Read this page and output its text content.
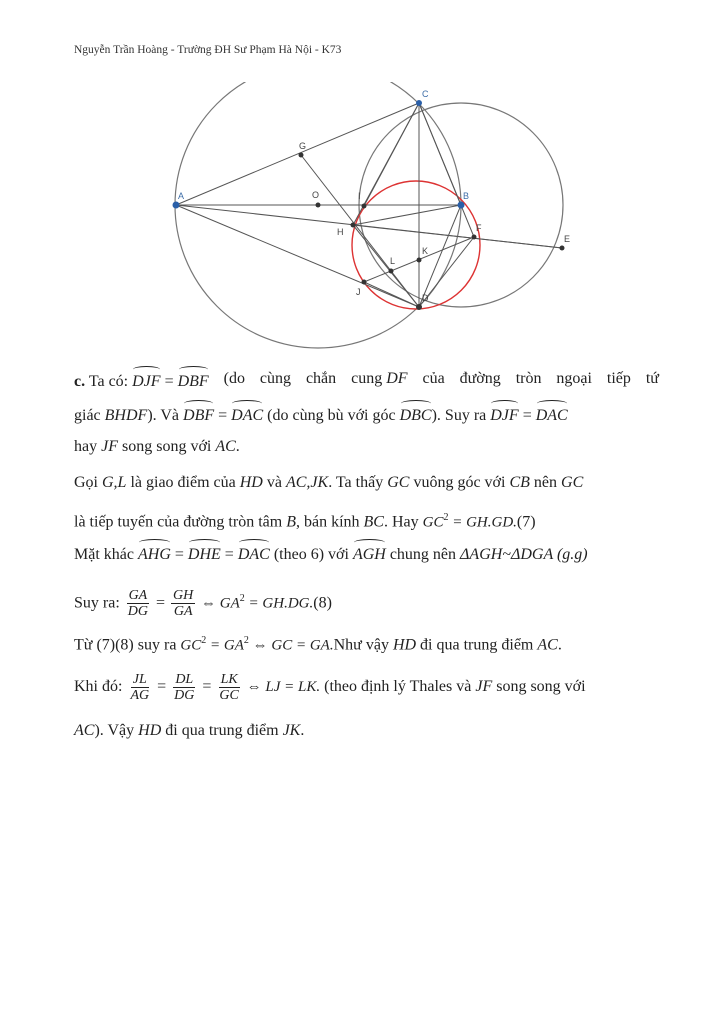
Nguyễn Trần Hoàng - Trường ĐH Sư Phạm Hà Nội - K73
A	B
C
D
E
F
G
H
I
J
K
L
O
c. Ta có: DJF = DBF (do cùng chắn cung DF của đường tròn ngoại tiếp tứ
giác BHDF). Và DBF = DAC (do cùng bù với góc DBC). Suy ra DJF = DAC
hay JF song song với AC.
Gọi G,L là giao điểm của HD và AC,JK. Ta thấy GC vuông góc với CB nên GC
là tiếp tuyến của đường tròn tâm B, bán kính BC. Hay $GC^2 = GH.GD.(7)$
Mặt khác AHG = DHE = DAC (theo 6) với AGH chung nên ΔAGH~ΔDGA (g.g)
Suy ra: $\frac{GA}{DG} = \frac{GH}{GA}$ ⇔ $GA^2 = GH.DG.(8)$
Từ (7)(8) suy ra $GC^2 = GA^2$ ⇔ GC = GA.Như vậy HD đi qua trung điểm AC.
Khi đó: $\frac{JL}{AG} = \frac{DL}{DG} = \frac{LK}{GC}$ ⇔ LJ = LK. (theo định lý Thales và JF song song với
AC). Vậy HD đi qua trung điểm JK.
